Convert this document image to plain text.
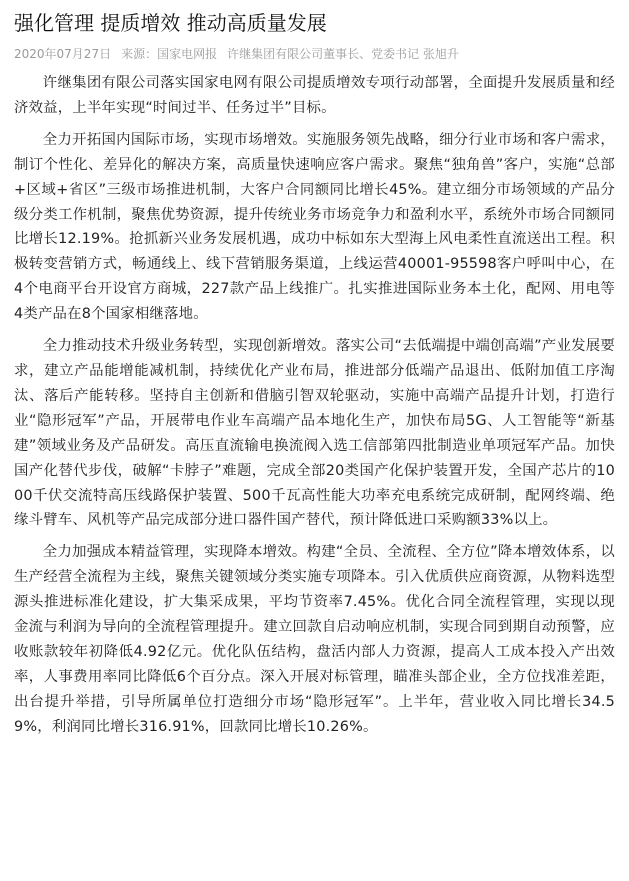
强化管理 提质增效 推动高质量发展
2020年07月27日 来源：国家电网报 许继集团有限公司董事长、党委书记 张旭升

许继集团有限公司落实国家电网有限公司提质增效专项行动部署，全面提升发展质量和经济效益，上半年实现“时间过半、任务过半”目标。

全力开拓国内国际市场，实现市场增效。实施服务领先战略，细分行业市场和客户需求，制订个性化、差异化的解决方案，高质量快速响应客户需求。聚焦“独角兽”客户，实施“总部+区域+省区”三级市场推进机制，大客户合同额同比增长45%。建立细分市场领域的产品分级分类工作机制，聚焦优势资源，提升传统业务市场竞争力和盈利水平，系统外市场合同额同比增长12.19%。抢抓新兴业务发展机遇，成功中标如东大型海上风电柔性直流送出工程。积极转变营销方式，畅通线上、线下营销服务渠道，上线运营40001-95598客户呼叫中心，在4个电商平台开设官方商城，227款产品上线推广。扎实推进国际业务本土化，配网、用电等4类产品在8个国家相继落地。

全力推动技术升级业务转型，实现创新增效。落实公司“去低端提中端创高端”产业发展要求，建立产品能增能减机制，持续优化产业布局，推进部分低端产品退出、低附加值工序淘汰、落后产能转移。坚持自主创新和借脑引智双轮驱动，实施中高端产品提升计划，打造行业“隐形冠军”产品，开展带电作业车高端产品本地化生产，加快布局5G、人工智能等“新基建”领域业务及产品研发。高压直流输电换流阀入选工信部第四批制造业单项冠军产品。加快国产化替代步伐，破解“卡脖子”难题，完成全部20类国产化保护装置开发，全国产芯片的1000千伏交流特高压线路保护装置、500千瓦高性能大功率充电系统完成研制，配网终端、绝缘斗臂车、风机等产品完成部分进口器件国产替代，预计降低进口采购额33%以上。

全力加强成本精益管理，实现降本增效。构建“全员、全流程、全方位”降本增效体系，以生产经营全流程为主线，聚焦关键领域分类实施专项降本。引入优质供应商资源，从物料选型源头推进标准化建设，扩大集采成果，平均节资率7.45%。优化合同全流程管理，实现以现金流与利润为导向的全流程管理提升。建立回款自启动响应机制，实现合同到期自动预警，应收账款较年初降低4.92亿元。优化队伍结构，盘活内部人力资源，提高人工成本投入产出效率，人事费用率同比降低6个百分点。深入开展对标管理，瞄准头部企业，全方位找准差距，出台提升举措，引导所属单位打造细分市场“隐形冠军”。上半年，营业收入同比增长34.59%，利润同比增长316.91%，回款同比增长10.26%。
